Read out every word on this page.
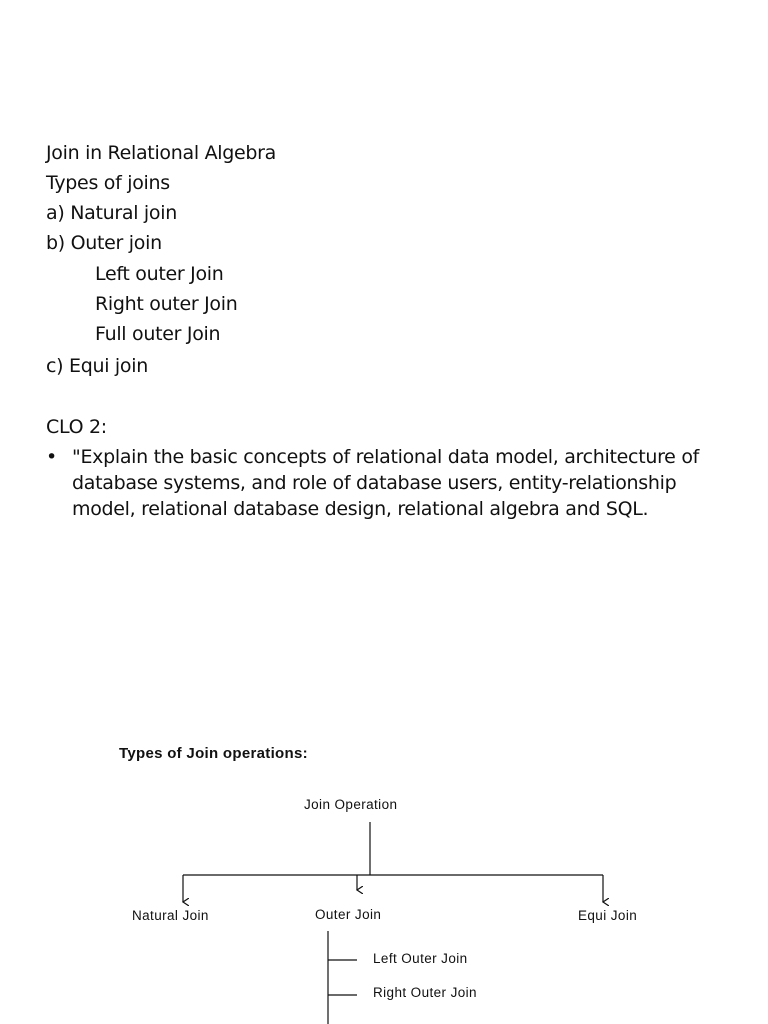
Join in Relational Algebra
Types of joins
a) Natural join
b) Outer join
Left outer Join
Right outer Join
Full outer Join
c) Equi join
CLO 2:
• "Explain the basic concepts of relational data model, architecture of database systems, and role of database users, entity-relationship model, relational database design, relational algebra and SQL.
Types of Join operations:
Join Operation
Natural Join	Outer Join	Equi Join
Left Outer Join
Right Outer Join
